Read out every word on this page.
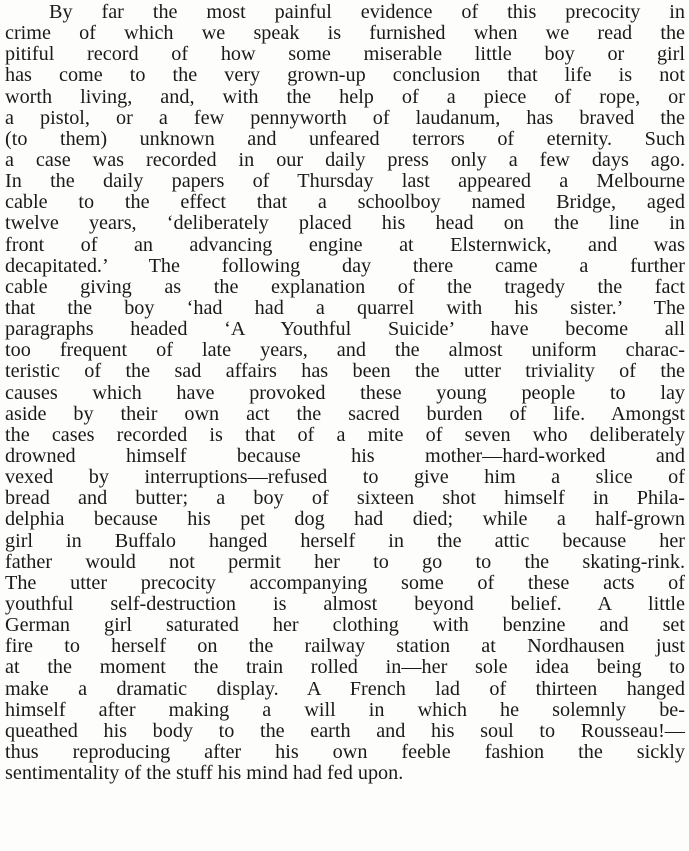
By far the most painful evidence of this precocity in
crime of which we speak is furnished when we read the
pitiful record of how some miserable little boy or girl
has come to the very grown-up conclusion that life is not
worth living, and, with the help of a piece of rope, or
a pistol, or a few pennyworth of laudanum, has braved the
(to them) unknown and unfeared terrors of eternity. Such
a case was recorded in our daily press only a few days ago.
In the daily papers of Thursday last appeared a Melbourne
cable to the effect that a schoolboy named Bridge, aged
twelve years, ‘deliberately placed his head on the line in
front of an advancing engine at Elsternwick, and was
decapitated.’ The following day there came a further
cable giving as the explanation of the tragedy the fact
that the boy ‘had had a quarrel with his sister.’ The
paragraphs headed ‘A Youthful Suicide’ have become all
too frequent of late years, and the almost uniform charac-
teristic of the sad affairs has been the utter triviality of the
causes which have provoked these young people to lay
aside by their own act the sacred burden of life. Amongst
the cases recorded is that of a mite of seven who deliberately
drowned himself because his mother—hard-worked and
vexed by interruptions—refused to give him a slice of
bread and butter; a boy of sixteen shot himself in Phila-
delphia because his pet dog had died; while a half-grown
girl in Buffalo hanged herself in the attic because her
father would not permit her to go to the skating-rink.
The utter precocity accompanying some of these acts of
youthful self-destruction is almost beyond belief. A little
German girl saturated her clothing with benzine and set
fire to herself on the railway station at Nordhausen just
at the moment the train rolled in—her sole idea being to
make a dramatic display. A French lad of thirteen hanged
himself after making a will in which he solemnly be-
queathed his body to the earth and his soul to Rousseau!—
thus reproducing after his own feeble fashion the sickly
sentimentality of the stuff his mind had fed upon.
